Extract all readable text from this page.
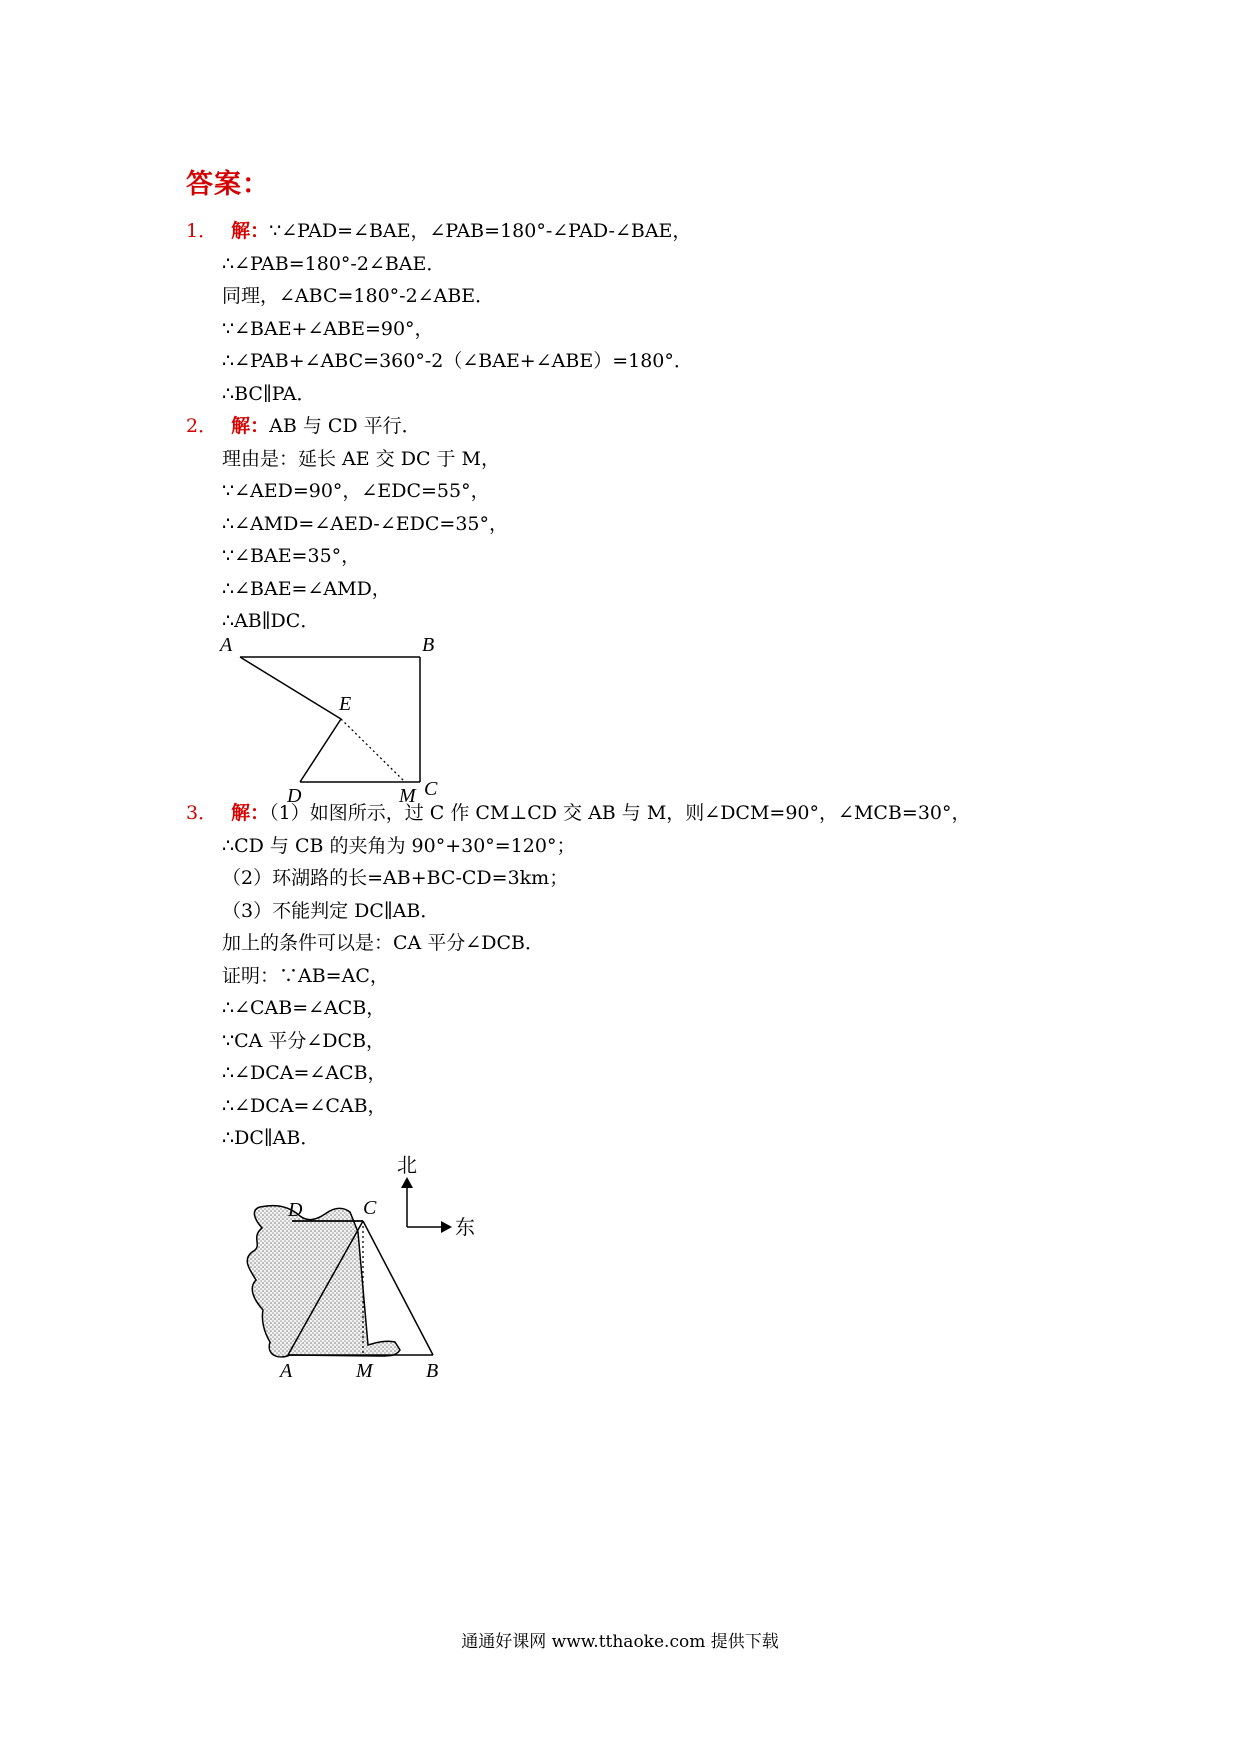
答案：

1． 解：∵∠PAD=∠BAE，∠PAB=180°-∠PAD-∠BAE，

∴∠PAB=180°-2∠BAE．

同理，∠ABC=180°-2∠ABE．

∵∠BAE+∠ABE=90°，

∴∠PAB+∠ABC=360°-2（∠BAE+∠ABE）=180°．

∴BC∥PA．

2． 解：AB 与 CD 平行．

理由是：延长 AE 交 DC 于 M，

∵∠AED=90°，∠EDC=55°，

∴∠AMD=∠AED-∠EDC=35°，

∵∠BAE=35°，

∴∠BAE=∠AMD，

∴AB∥DC．

A	B
E
D	M C

3． 解：（1）如图所示，过 C 作 CM⊥CD 交 AB 与 M，则∠DCM=90°，∠MCB=30°，

∴CD 与 CB 的夹角为 90°+30°=120°；

（2）环湖路的长=AB+BC-CD=3km；

（3）不能判定 DC∥AB．

加上的条件可以是：CA 平分∠DCB．

证明：∵AB=AC，

∴∠CAB=∠ACB，

∵CA 平分∠DCB，

∴∠DCA=∠ACB，

∴∠DCA=∠CAB，

∴DC∥AB．

北
东
D	C
A	M	B

通通好课网 www.tthaoke.com 提供下载
